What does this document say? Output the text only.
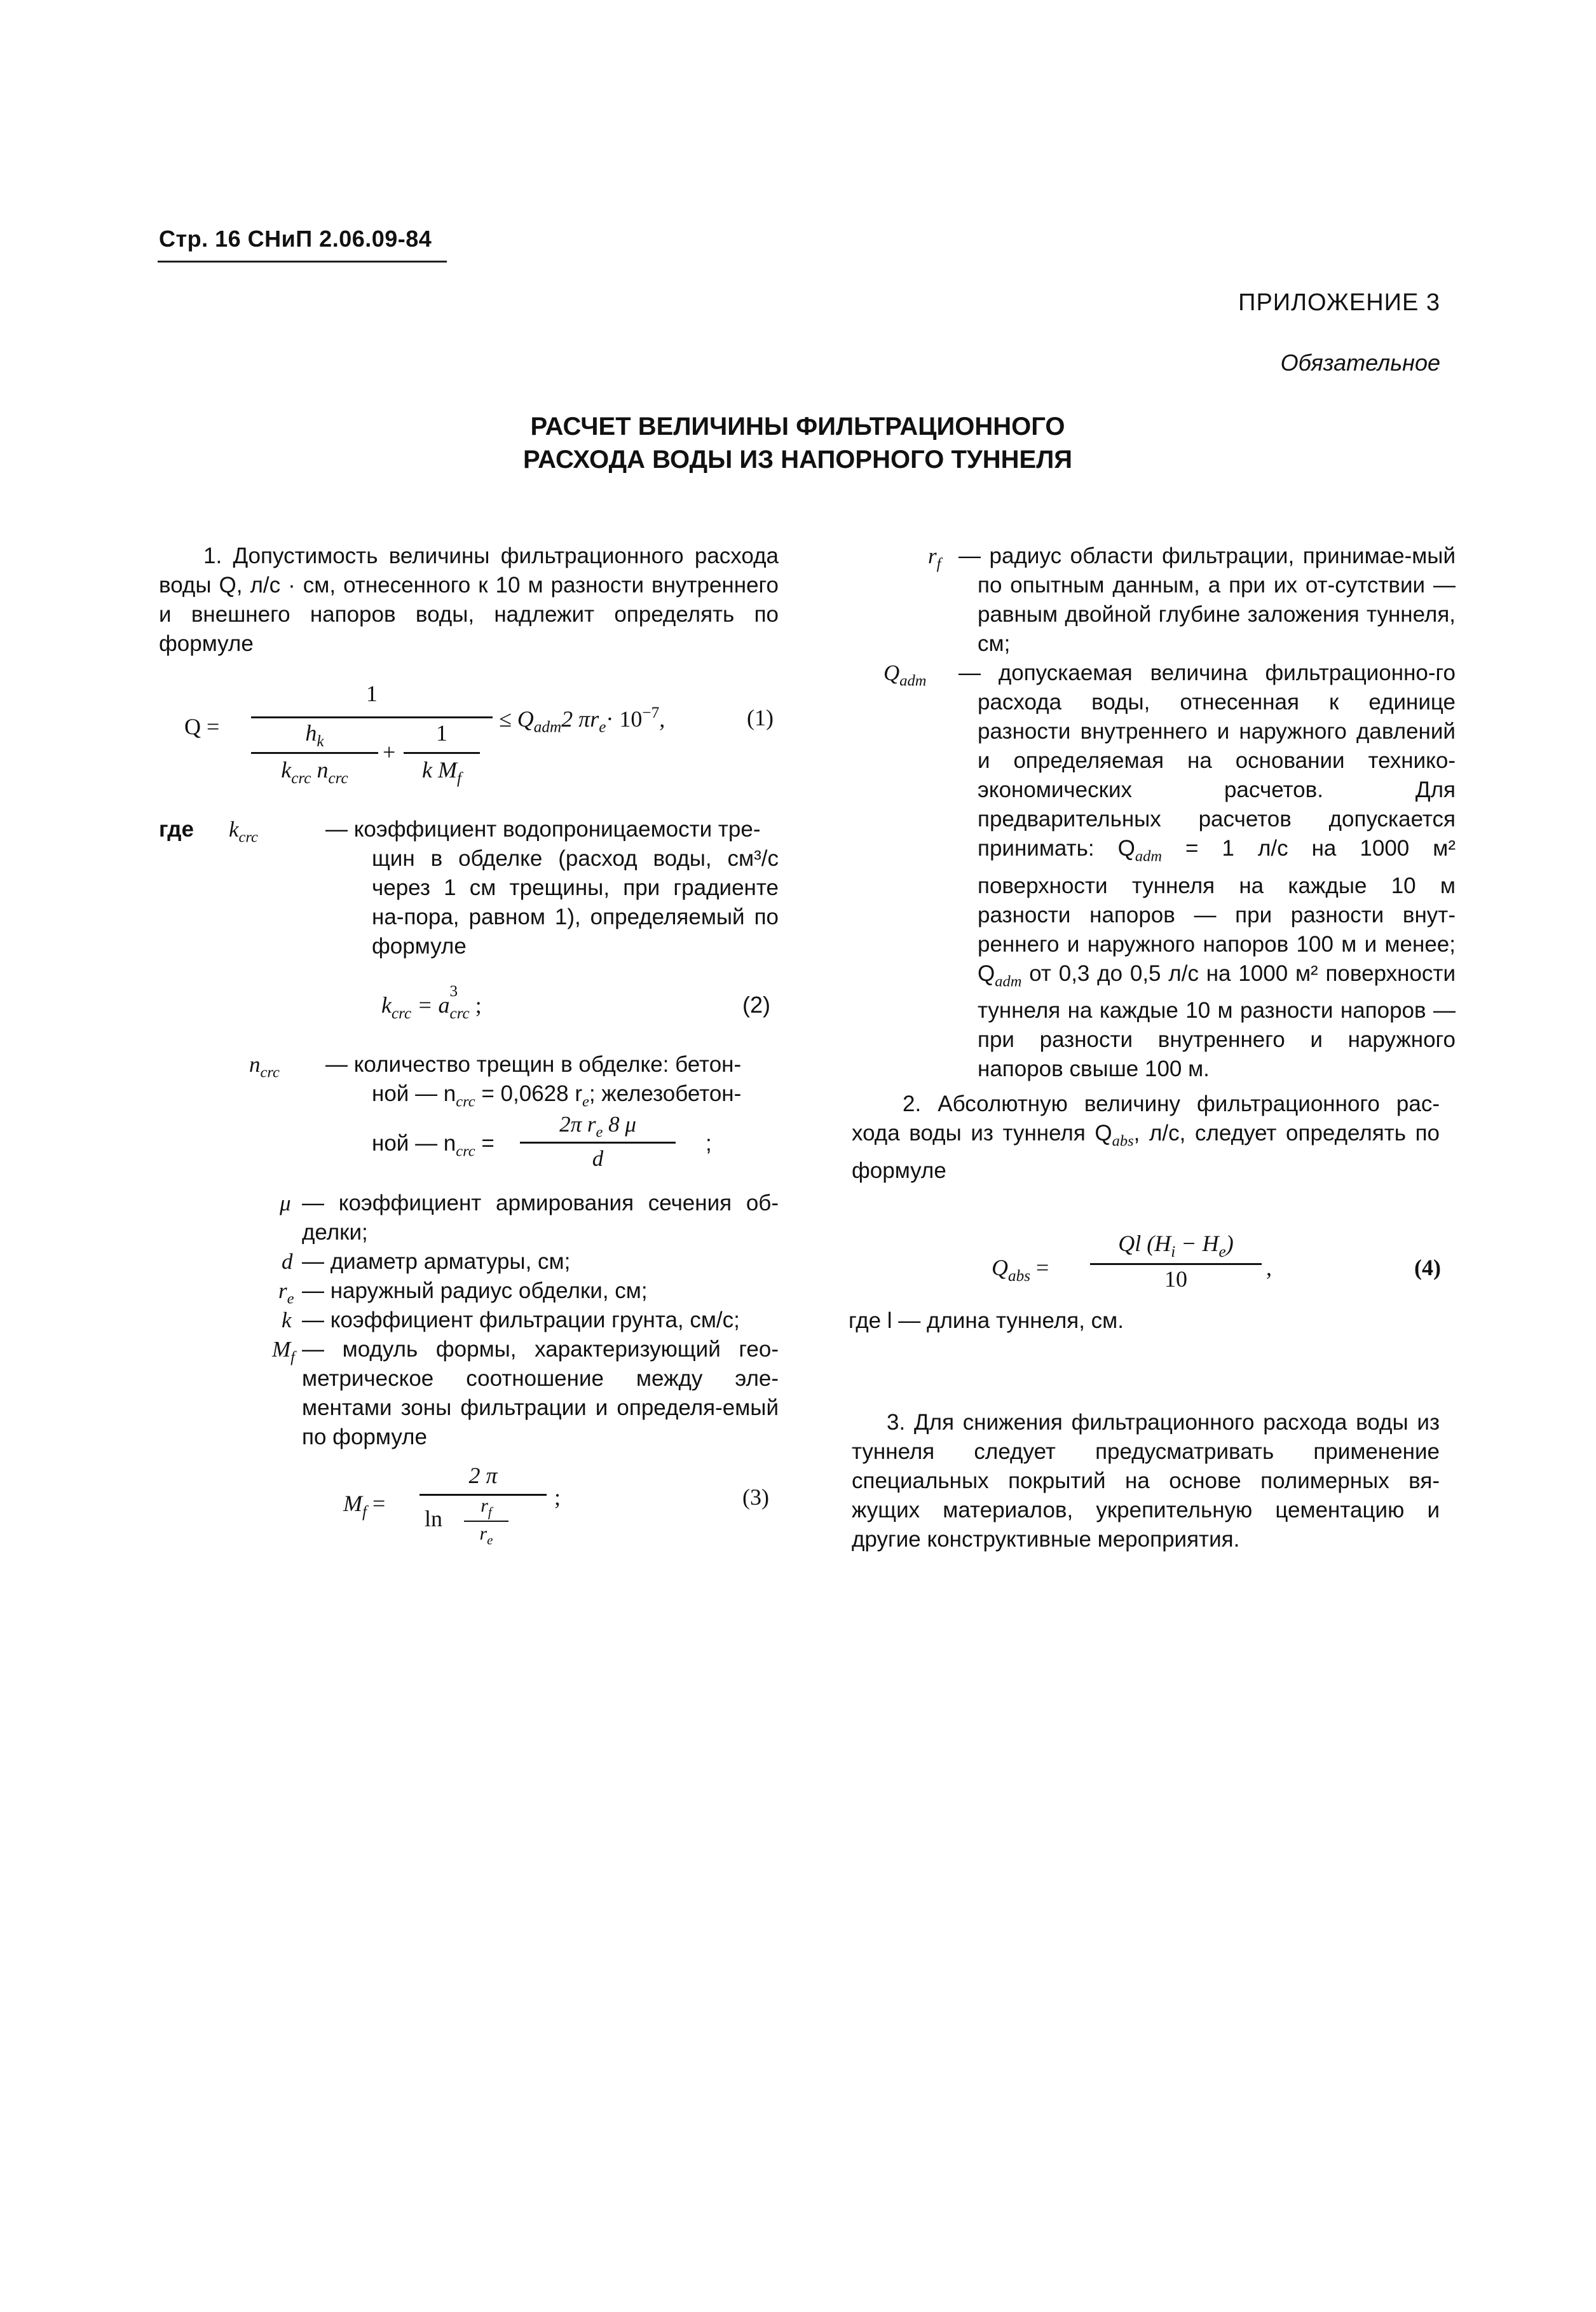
Стр. 16 СНиП 2.06.09-84
ПРИЛОЖЕНИЕ 3
Обязательное
РАСЧЕТ ВЕЛИЧИНЫ ФИЛЬТРАЦИОННОГО
РАСХОДА ВОДЫ ИЗ НАПОРНОГО ТУННЕЛЯ
1. Допустимость величины фильтрационного расхода воды Q, л/с · см, отнесенного к 10 м разности внутреннего и внешнего напоров воды, надлежит определять по формуле
Q =
1
$h_k$
$k_{crc}$ $n_{crc}$
+
1
k $M_f$
≤ $Q_{adm}2$ $\pi r_e\cdot 10^{-7}$,	(1)
где $k_{crc}$	— коэффициент водопроницаемости тре-
щин в обделке (расход воды, см³/с через 1 см трещины, при градиенте на-пора, равном 1), определяемый по формуле
$k_{crc} = a$
3
$_{crc}$ ;	(2)
$n_{crc}$ — количество трещин в обделке: бетон-
ной — $n_{crc} = 0,0628$ $r_e$; железобетон-
ной — $n_{crc}$ =
2π $r_e$ 8 μ
d
;
μ — коэффициент армирования сечения об-делки;
d — диаметр арматуры, см;
$r_e$ — наружный радиус обделки, см;
k — коэффициент фильтрации грунта, см/с;
$M_f$ — модуль формы, характеризующий гео-метрическое соотношение между эле-ментами зоны фильтрации и определя-емый по формуле
$M_f$ =
2 π
ln
$r_f$
$r_e$
;	(3)
$r_f$ — радиус области фильтрации, принимае-мый по опытным данным, а при их от-сутствии — равным двойной глубине заложения туннеля, см;
$Q_{adm}$ — допускаемая величина фильтрационно-го расхода воды, отнесенная к единице разности внутреннего и наружного давлений и определяемая на основании технико-экономических расчетов. Для предварительных расчетов допускается принимать: $Q_{adm} = 1$ л/с на 1000 м² поверхности туннеля на каждые 10 м разности напоров — при разности внут-реннего и наружного напоров 100 м и менее; $Q_{adm}$ от 0,3 до 0,5 л/с на 1000 м² поверхности туннеля на каждые 10 м разности напоров — при разности внутреннего и наружного напоров свыше 100 м.
2. Абсолютную величину фильтрационного рас-хода воды из туннеля $Q_{abs}$, л/с, следует определять по формуле
$Q_{abs}$ =
Ql $(H_i - H_e)$
10	,	(4)
где l — длина туннеля, см.
3. Для снижения фильтрационного расхода воды из туннеля следует предусматривать применение специальных покрытий на основе полимерных вя-жущих материалов, укрепительную цементацию и другие конструктивные мероприятия.
